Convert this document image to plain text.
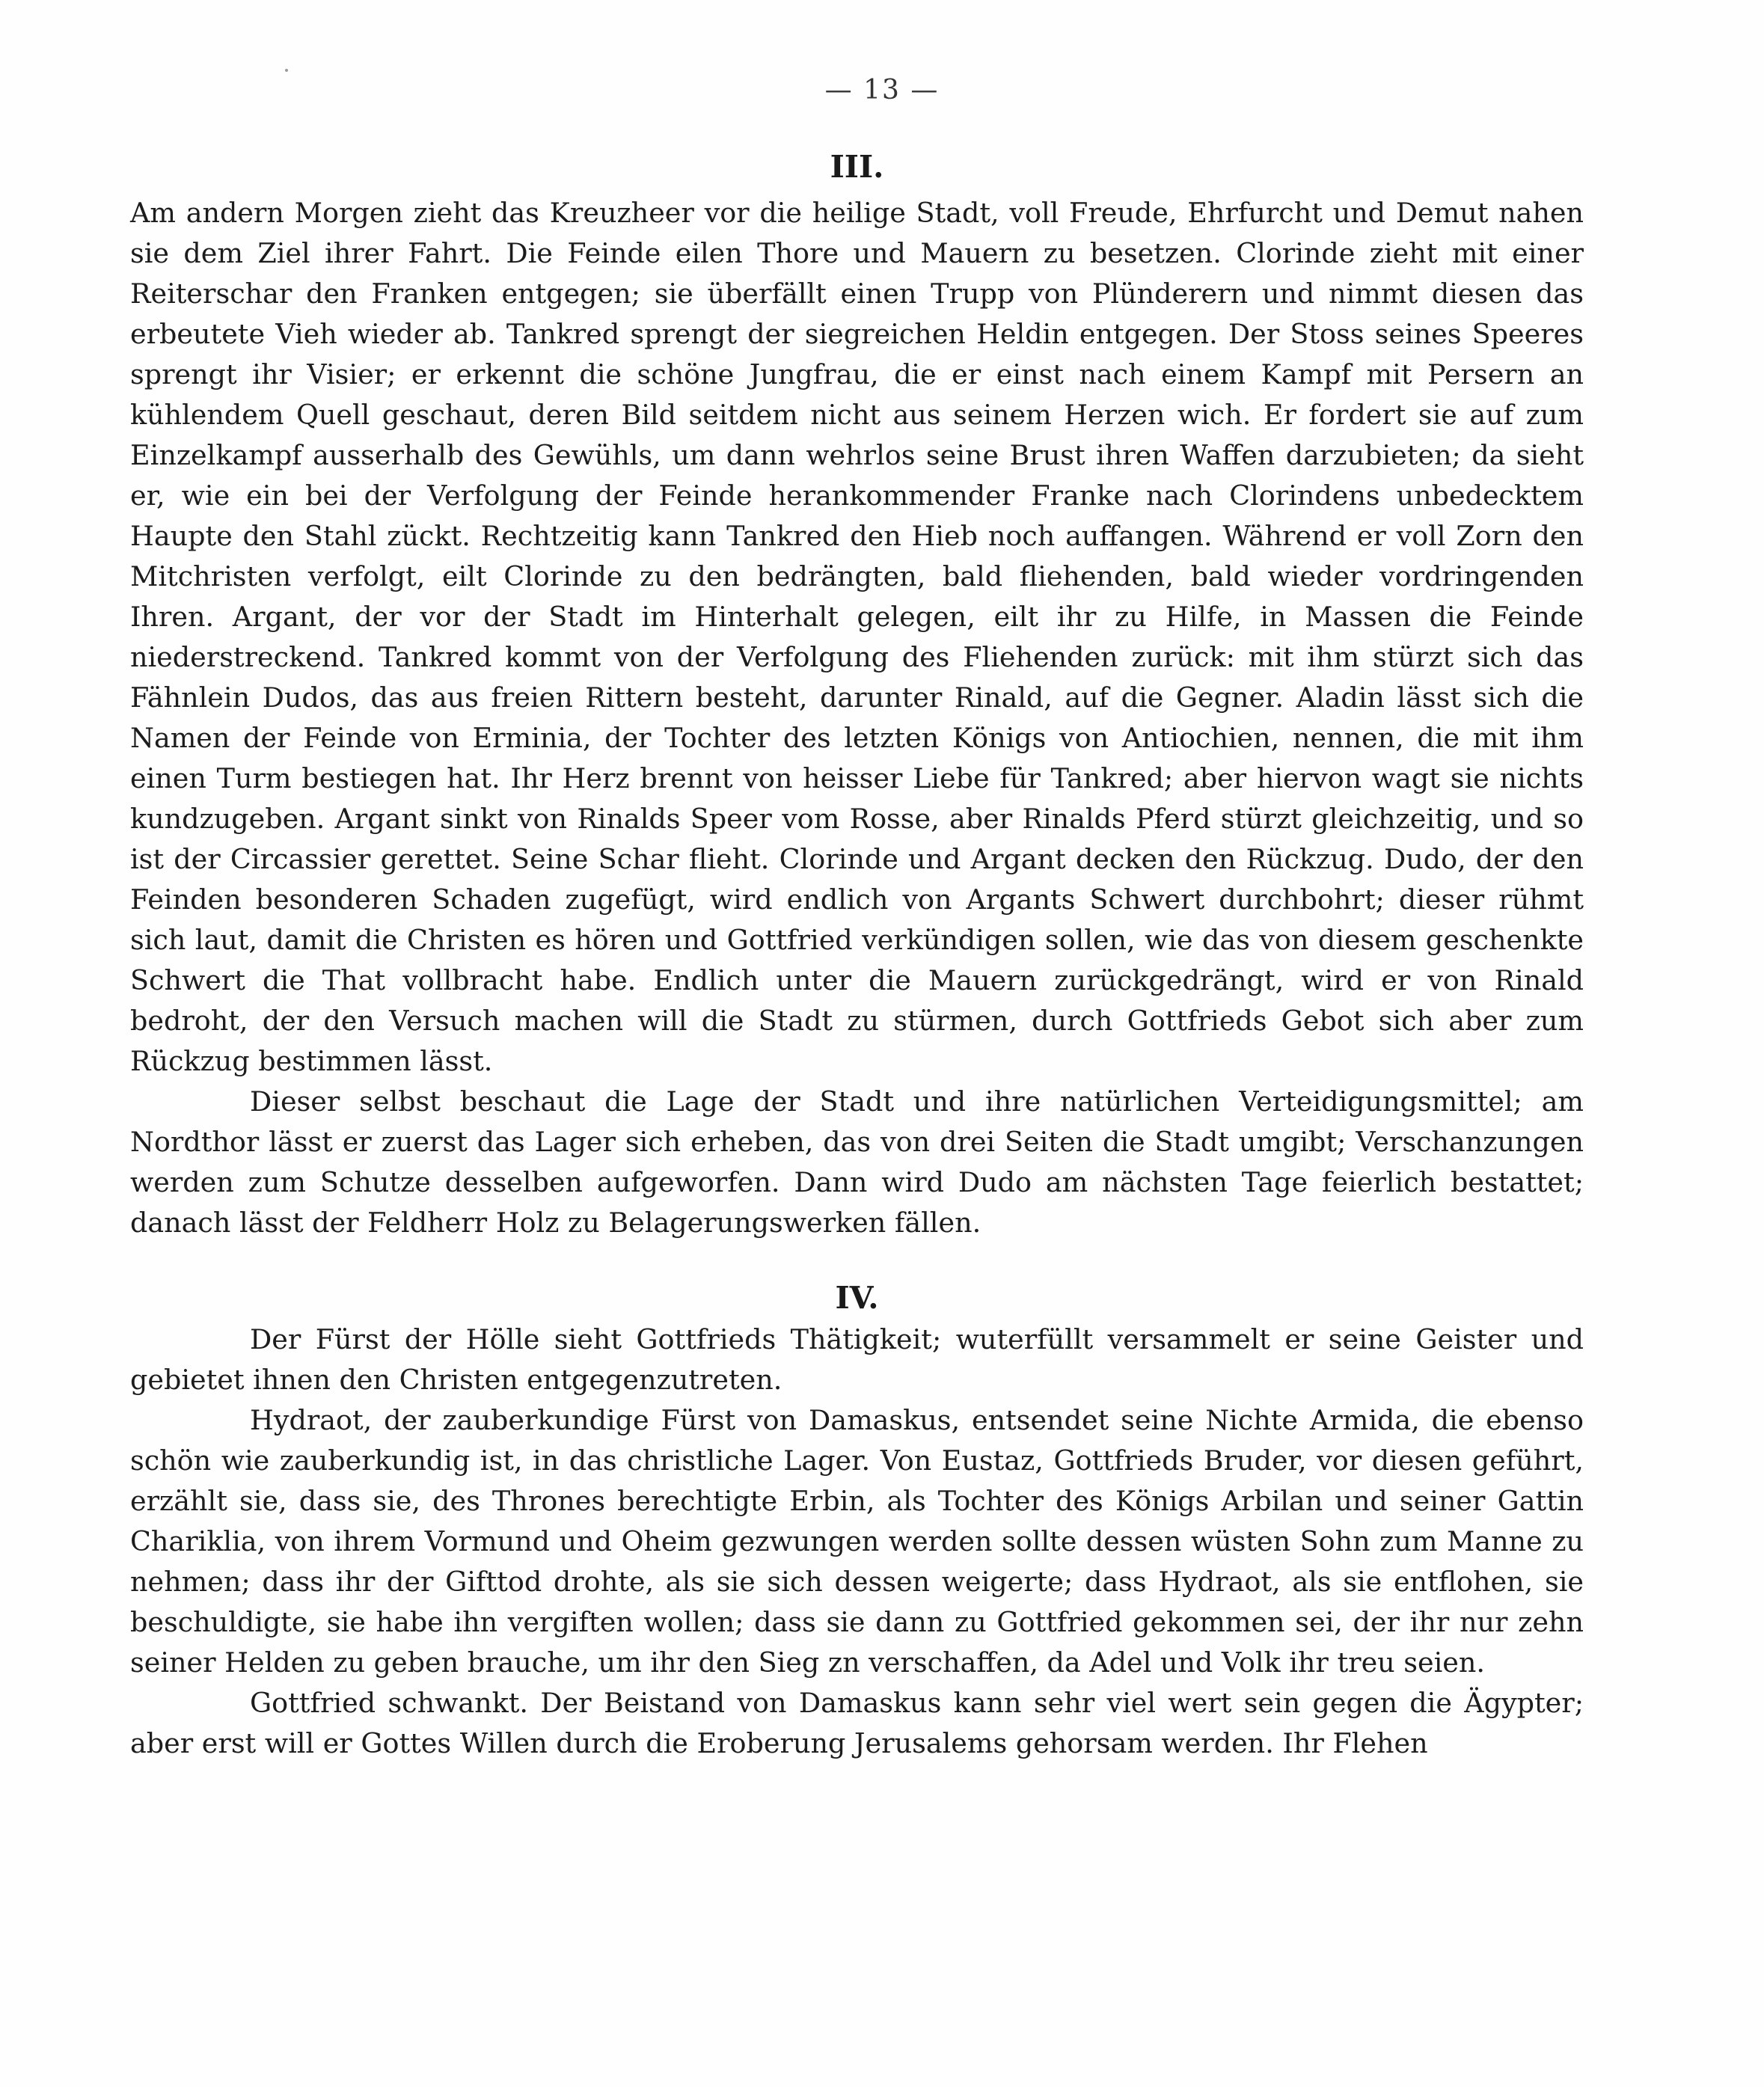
— 13 —
III.

Am andern Morgen zieht das Kreuzheer vor die heilige Stadt, voll Freude, Ehrfurcht und Demut nahen sie dem Ziel ihrer Fahrt. Die Feinde eilen Thore und Mauern zu besetzen. Clorinde zieht mit einer Reiterschar den Franken entgegen; sie überfällt einen Trupp von Plünderern und nimmt diesen das erbeutete Vieh wieder ab. Tankred sprengt der siegreichen Heldin entgegen. Der Stoss seines Speeres sprengt ihr Visier; er erkennt die schöne Jungfrau, die er einst nach einem Kampf mit Persern an kühlendem Quell geschaut, deren Bild seitdem nicht aus seinem Herzen wich. Er fordert sie auf zum Einzelkampf ausserhalb des Gewühls, um dann wehrlos seine Brust ihren Waffen darzubieten; da sieht er, wie ein bei der Verfolgung der Feinde herankommender Franke nach Clorindens unbedecktem Haupte den Stahl zückt. Rechtzeitig kann Tankred den Hieb noch auffangen. Während er voll Zorn den Mitchristen verfolgt, eilt Clorinde zu den bedrängten, bald fliehenden, bald wieder vordringenden Ihren. Argant, der vor der Stadt im Hinterhalt gelegen, eilt ihr zu Hilfe, in Massen die Feinde niederstreckend. Tankred kommt von der Verfolgung des Fliehenden zurück: mit ihm stürzt sich das Fähnlein Dudos, das aus freien Rittern besteht, darunter Rinald, auf die Gegner. Aladin lässt sich die Namen der Feinde von Erminia, der Tochter des letzten Königs von Antiochien, nennen, die mit ihm einen Turm bestiegen hat. Ihr Herz brennt von heisser Liebe für Tankred; aber hiervon wagt sie nichts kundzugeben. Argant sinkt von Rinalds Speer vom Rosse, aber Rinalds Pferd stürzt gleichzeitig, und so ist der Circassier gerettet. Seine Schar flieht. Clorinde und Argant decken den Rückzug. Dudo, der den Feinden besonderen Schaden zugefügt, wird endlich von Argants Schwert durchbohrt; dieser rühmt sich laut, damit die Christen es hören und Gottfried verkündigen sollen, wie das von diesem geschenkte Schwert die That vollbracht habe. Endlich unter die Mauern zurückgedrängt, wird er von Rinald bedroht, der den Versuch machen will die Stadt zu stürmen, durch Gottfrieds Gebot sich aber zum Rückzug bestimmen lässt.

Dieser selbst beschaut die Lage der Stadt und ihre natürlichen Verteidigungsmittel; am Nordthor lässt er zuerst das Lager sich erheben, das von drei Seiten die Stadt umgibt; Verschanzungen werden zum Schutze desselben aufgeworfen. Dann wird Dudo am nächsten Tage feierlich bestattet; danach lässt der Feldherr Holz zu Belagerungswerken fällen.

IV.

Der Fürst der Hölle sieht Gottfrieds Thätigkeit; wuterfüllt versammelt er seine Geister und gebietet ihnen den Christen entgegenzutreten.

Hydraot, der zauberkundige Fürst von Damaskus, entsendet seine Nichte Armida, die ebenso schön wie zauberkundig ist, in das christliche Lager. Von Eustaz, Gottfrieds Bruder, vor diesen geführt, erzählt sie, dass sie, des Thrones berechtigte Erbin, als Tochter des Königs Arbilan und seiner Gattin Chariklia, von ihrem Vormund und Oheim gezwungen werden sollte dessen wüsten Sohn zum Manne zu nehmen; dass ihr der Gifttod drohte, als sie sich dessen weigerte; dass Hydraot, als sie entflohen, sie beschuldigte, sie habe ihn vergiften wollen; dass sie dann zu Gottfried gekommen sei, der ihr nur zehn seiner Helden zu geben brauche, um ihr den Sieg zn verschaffen, da Adel und Volk ihr treu seien.

Gottfried schwankt. Der Beistand von Damaskus kann sehr viel wert sein gegen die Ägypter; aber erst will er Gottes Willen durch die Eroberung Jerusalems gehorsam werden. Ihr Flehen
